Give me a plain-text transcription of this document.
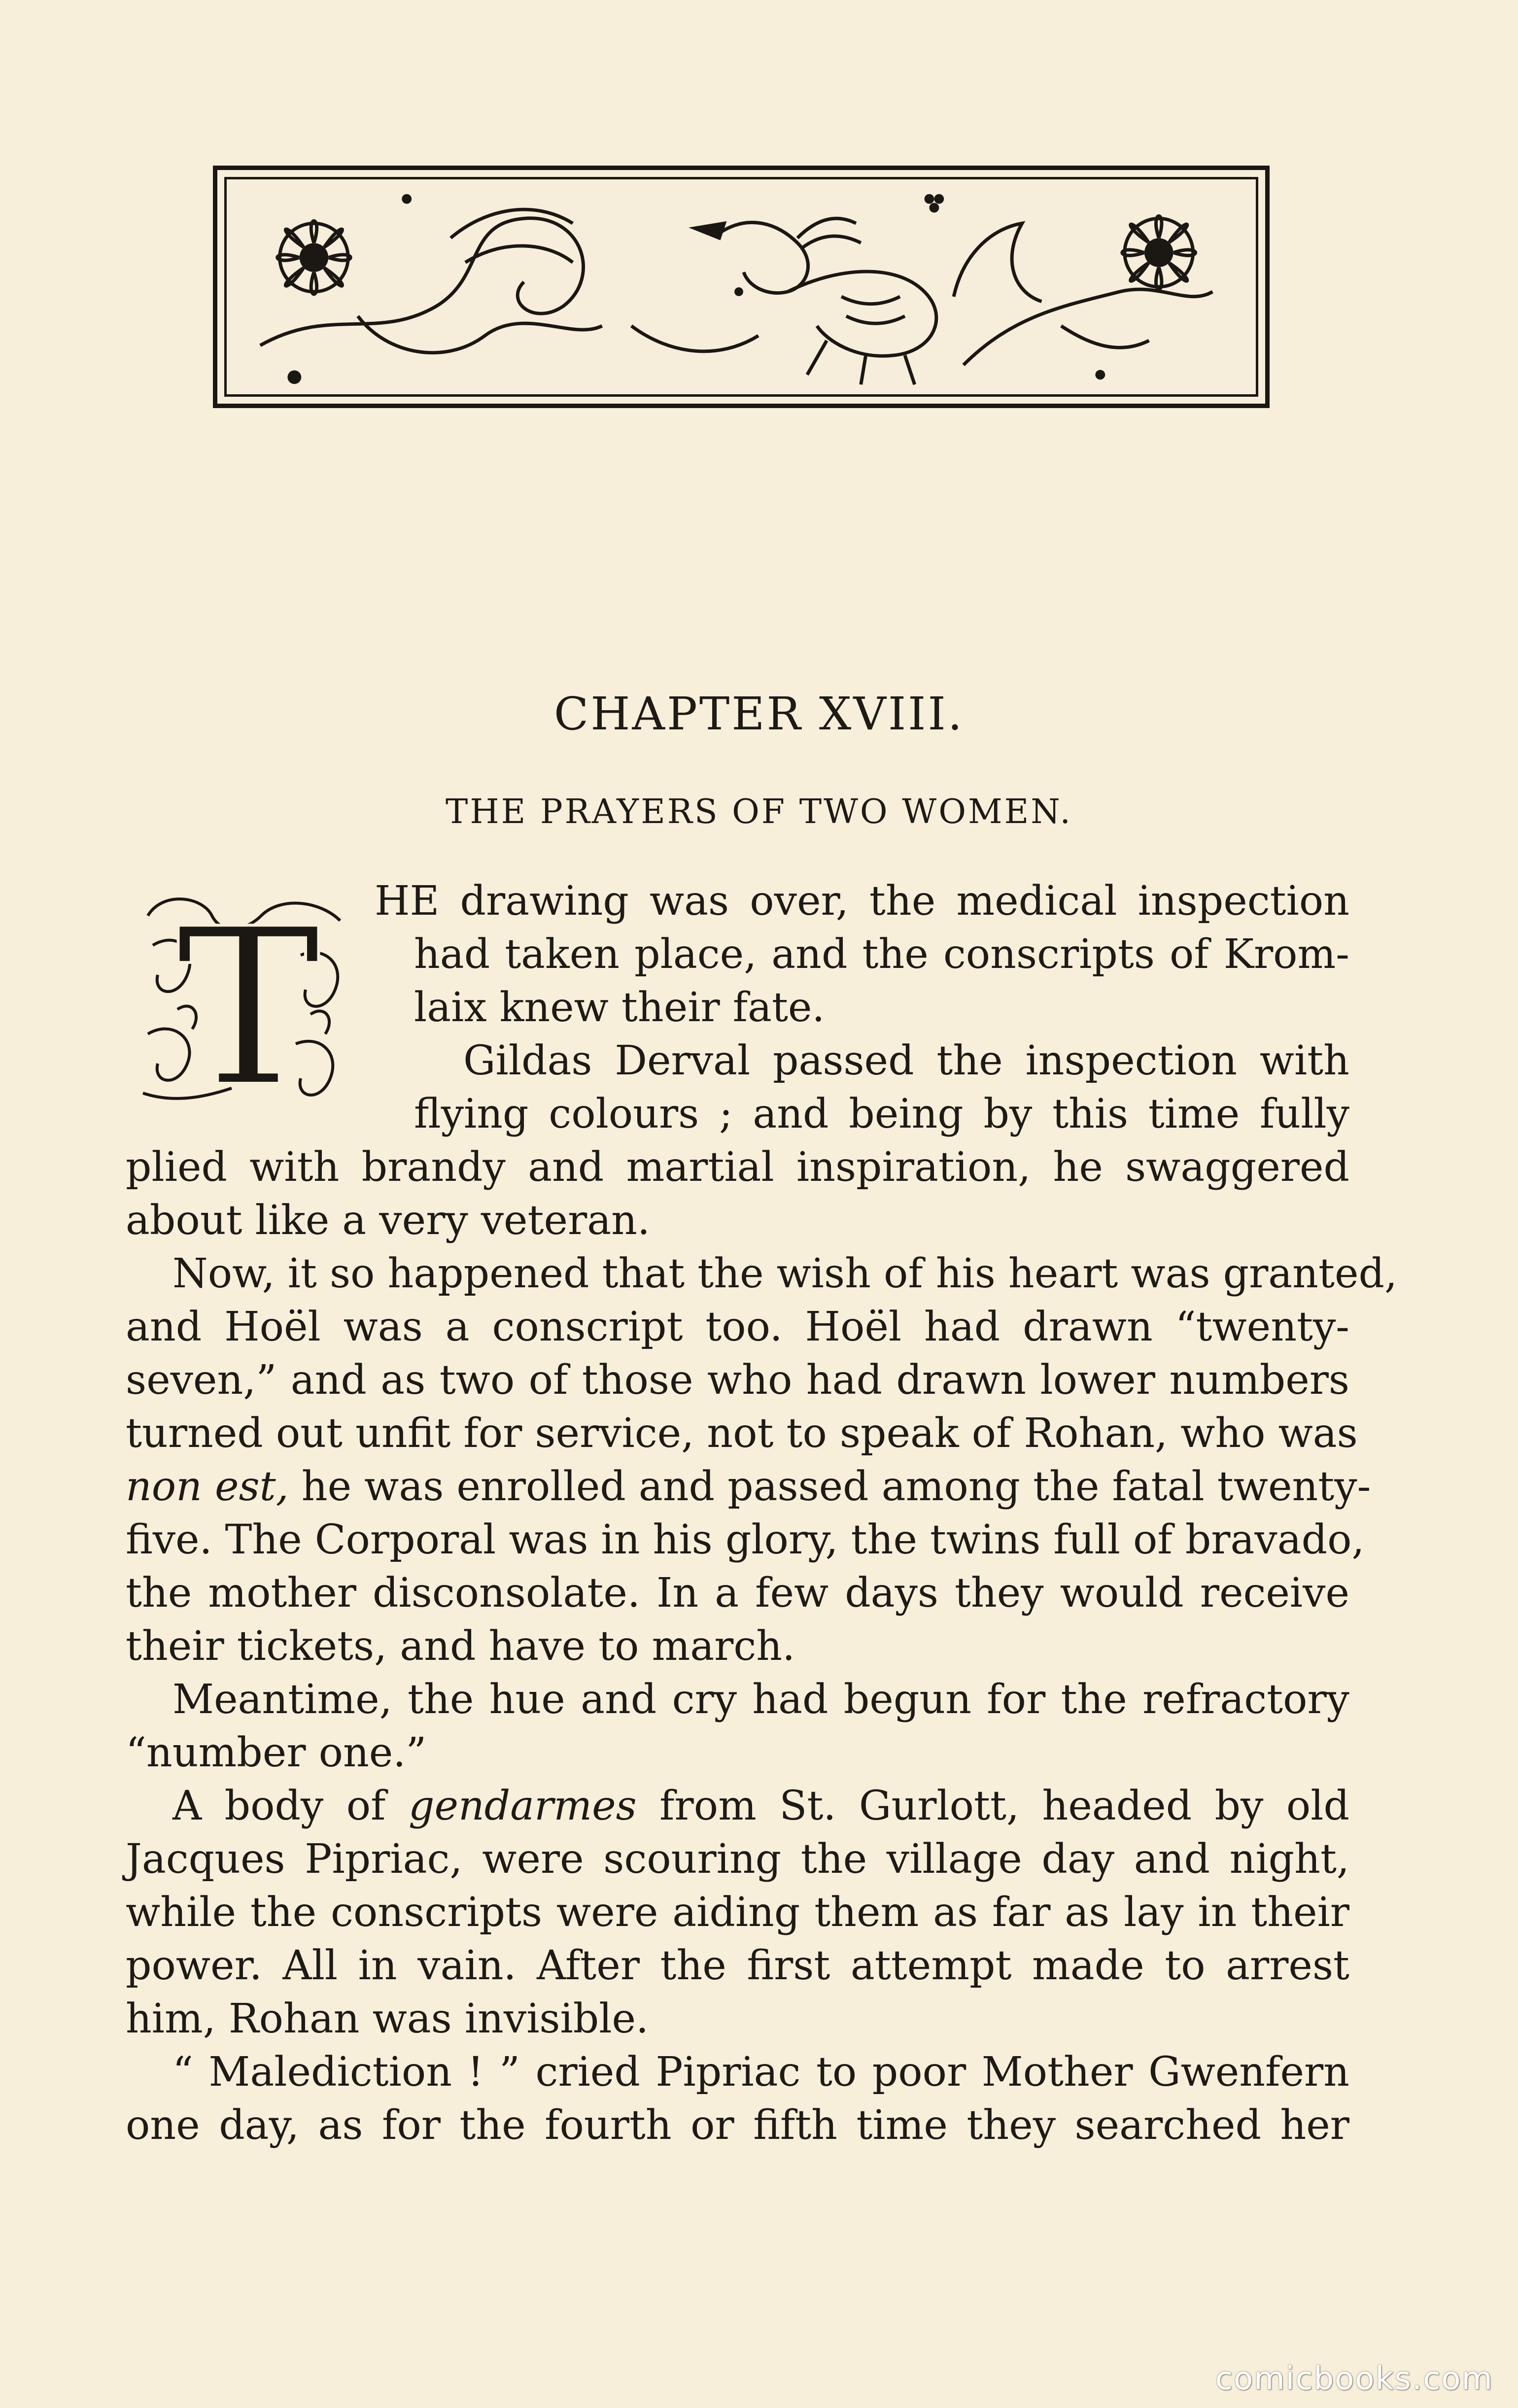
CHAPTER XVIII.
THE PRAYERS OF TWO WOMEN.
T HE drawing was over, the medical inspection
had taken place, and the conscripts of Krom-
laix knew their fate.
Gildas Derval passed the inspection with
flying colours ; and being by this time fully
plied with brandy and martial inspiration, he swaggered
about like a very veteran.
Now, it so happened that the wish of his heart was granted,
and Hoël was a conscript too. Hoël had drawn “twenty-
seven,” and as two of those who had drawn lower numbers
turned out unfit for service, not to speak of Rohan, who was
non est, he was enrolled and passed among the fatal twenty-
five. The Corporal was in his glory, the twins full of bravado,
the mother disconsolate. In a few days they would receive
their tickets, and have to march.
Meantime, the hue and cry had begun for the refractory
“number one.”
A body of gendarmes from St. Gurlott, headed by old
Jacques Pipriac, were scouring the village day and night,
while the conscripts were aiding them as far as lay in their
power. All in vain. After the first attempt made to arrest
him, Rohan was invisible.
“ Malediction ! ” cried Pipriac to poor Mother Gwenfern
one day, as for the fourth or fifth time they searched her
comicbooks.com
